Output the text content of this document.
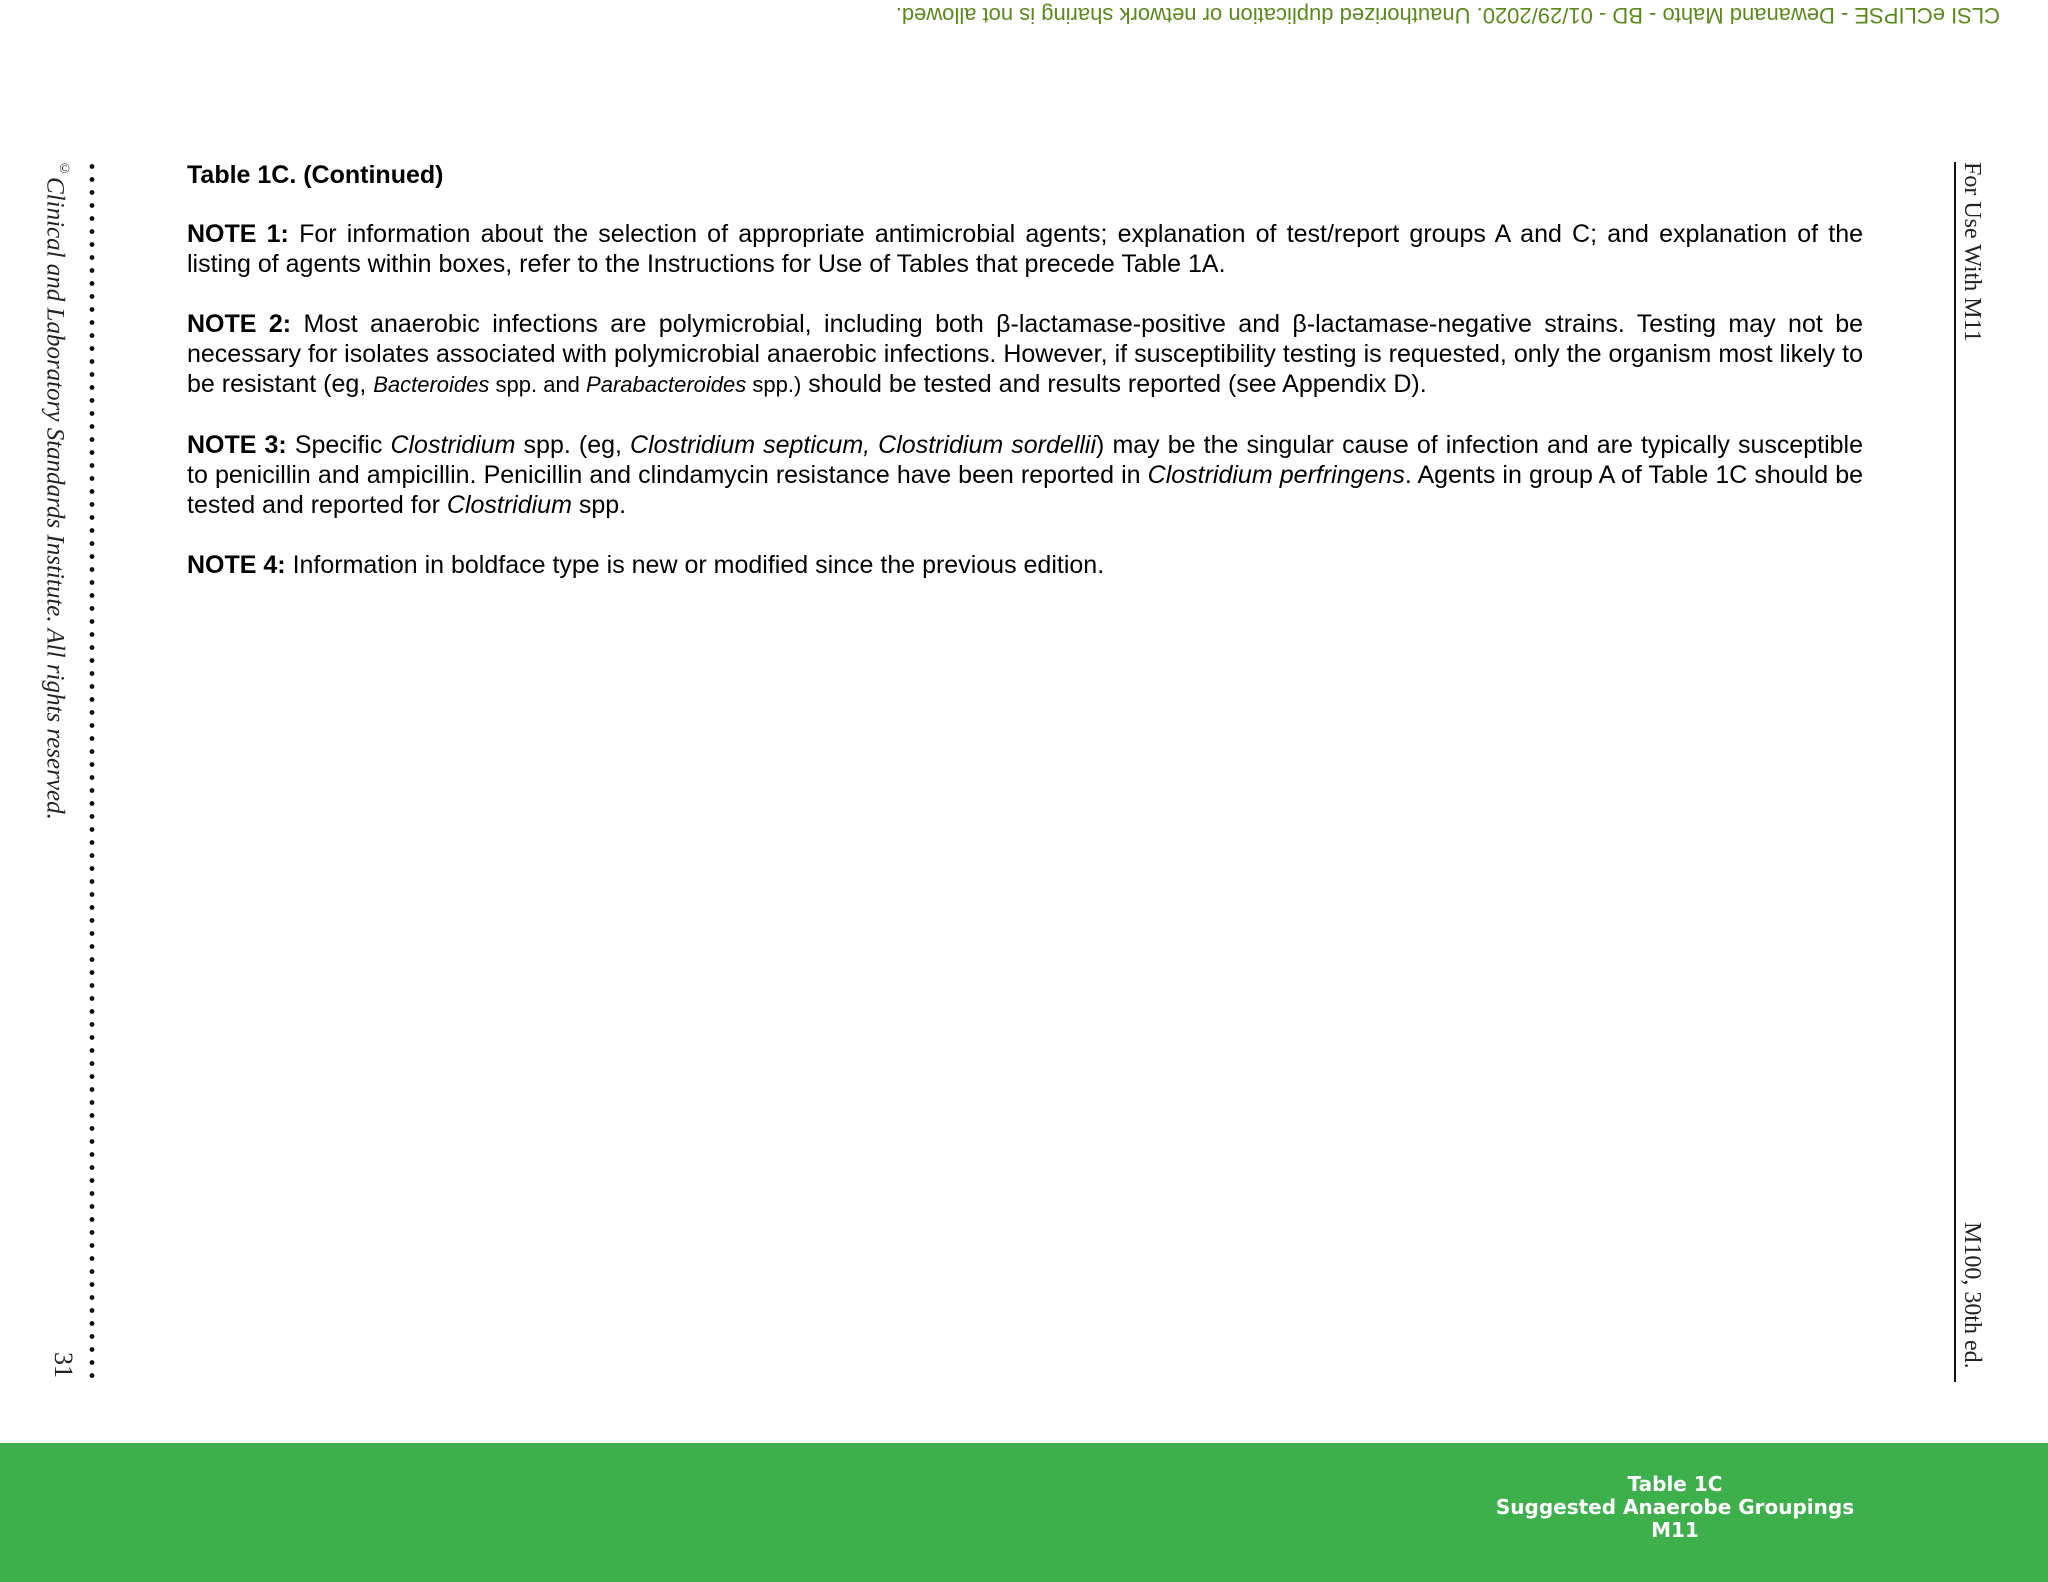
CLSI eCLIPSE - Dewanand Mahto - BD - 01/29/2020. Unauthorized duplication or network sharing is not allowed.
©Clinical and Laboratory Standards Institute. All rights reserved.
31
For Use With M11
M100, 30th ed.
Table 1C. (Continued)

NOTE 1: For information about the selection of appropriate antimicrobial agents; explanation of test/report groups A and C; and explanation of the listing of agents within boxes, refer to the Instructions for Use of Tables that precede Table 1A.

NOTE 2: Most anaerobic infections are polymicrobial, including both β-lactamase-positive and β-lactamase-negative strains. Testing may not be necessary for isolates associated with polymicrobial anaerobic infections. However, if susceptibility testing is requested, only the organism most likely to be resistant (eg, Bacteroides spp. and Parabacteroides spp.) should be tested and results reported (see Appendix D).

NOTE 3: Specific Clostridium spp. (eg, Clostridium septicum, Clostridium sordellii) may be the singular cause of infection and are typically susceptible to penicillin and ampicillin. Penicillin and clindamycin resistance have been reported in Clostridium perfringens. Agents in group A of Table 1C should be tested and reported for Clostridium spp.

NOTE 4: Information in boldface type is new or modified since the previous edition.

Table 1C
Suggested Anaerobe Groupings
M11
